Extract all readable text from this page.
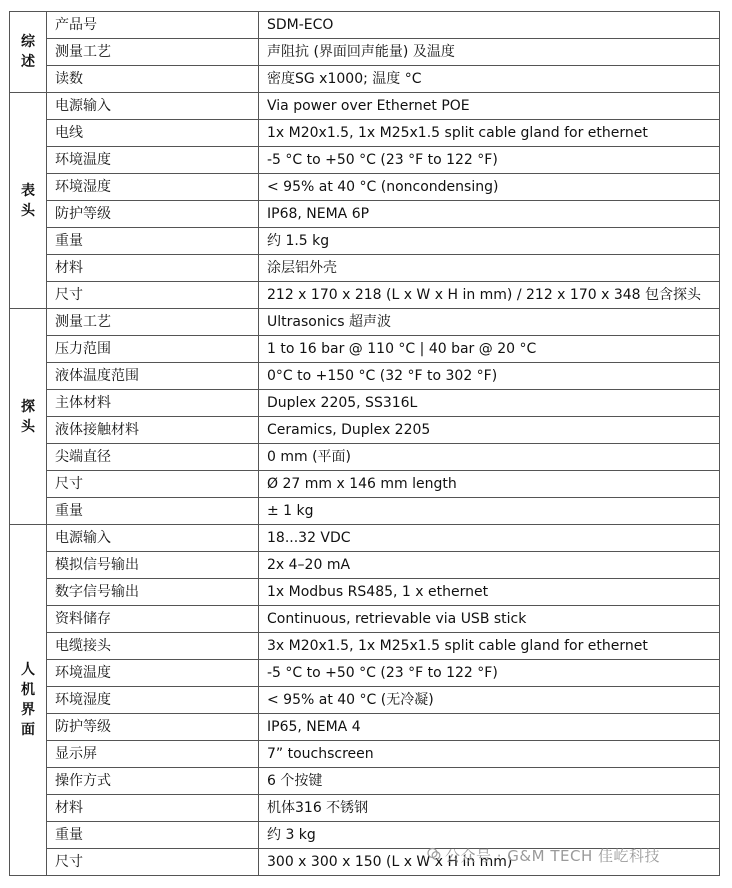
综述	产品号	SDM-ECO
	测量工艺	声阻抗 (界面回声能量) 及温度
	读数	密度SG x1000; 温度 °C
表头	电源输入	Via power over Ethernet POE
	电线	1x M20x1.5, 1x M25x1.5 split cable gland for ethernet
	环境温度	-5 °C to +50 °C (23 °F to 122 °F)
	环境湿度	< 95% at 40 °C (noncondensing)
	防护等级	IP68, NEMA 6P
	重量	约 1.5 kg
	材料	涂层铝外壳
	尺寸	212 x 170 x 218 (L x W x H in mm) / 212 x 170 x 348 包含探头
探头	测量工艺	Ultrasonics 超声波
	压力范围	1 to 16 bar @ 110 °C | 40 bar @ 20 °C
	液体温度范围	0°C to +150 °C (32 °F to 302 °F)
	主体材料	Duplex 2205, SS316L
	液体接触材料	Ceramics, Duplex 2205
	尖端直径	0 mm (平面)
	尺寸	Ø 27 mm x 146 mm length
	重量	± 1 kg
人机界面	电源输入	18...32 VDC
	模拟信号输出	2x 4–20 mA
	数字信号输出	1x Modbus RS485, 1 x ethernet
	资料储存	Continuous, retrievable via USB stick
	电缆接头	3x M20x1.5, 1x M25x1.5 split cable gland for ethernet
	环境温度	-5 °C to +50 °C (23 °F to 122 °F)
	环境湿度	< 95% at 40 °C (无冷凝)
	防护等级	IP65, NEMA 4
	显示屏	7” touchscreen
	操作方式	6 个按键
	材料	机体316 不锈钢
	重量	约 3 kg
	尺寸	300 x 300 x 150 (L x W x H in mm)
公众号 · G&M TECH 佳屹科技
